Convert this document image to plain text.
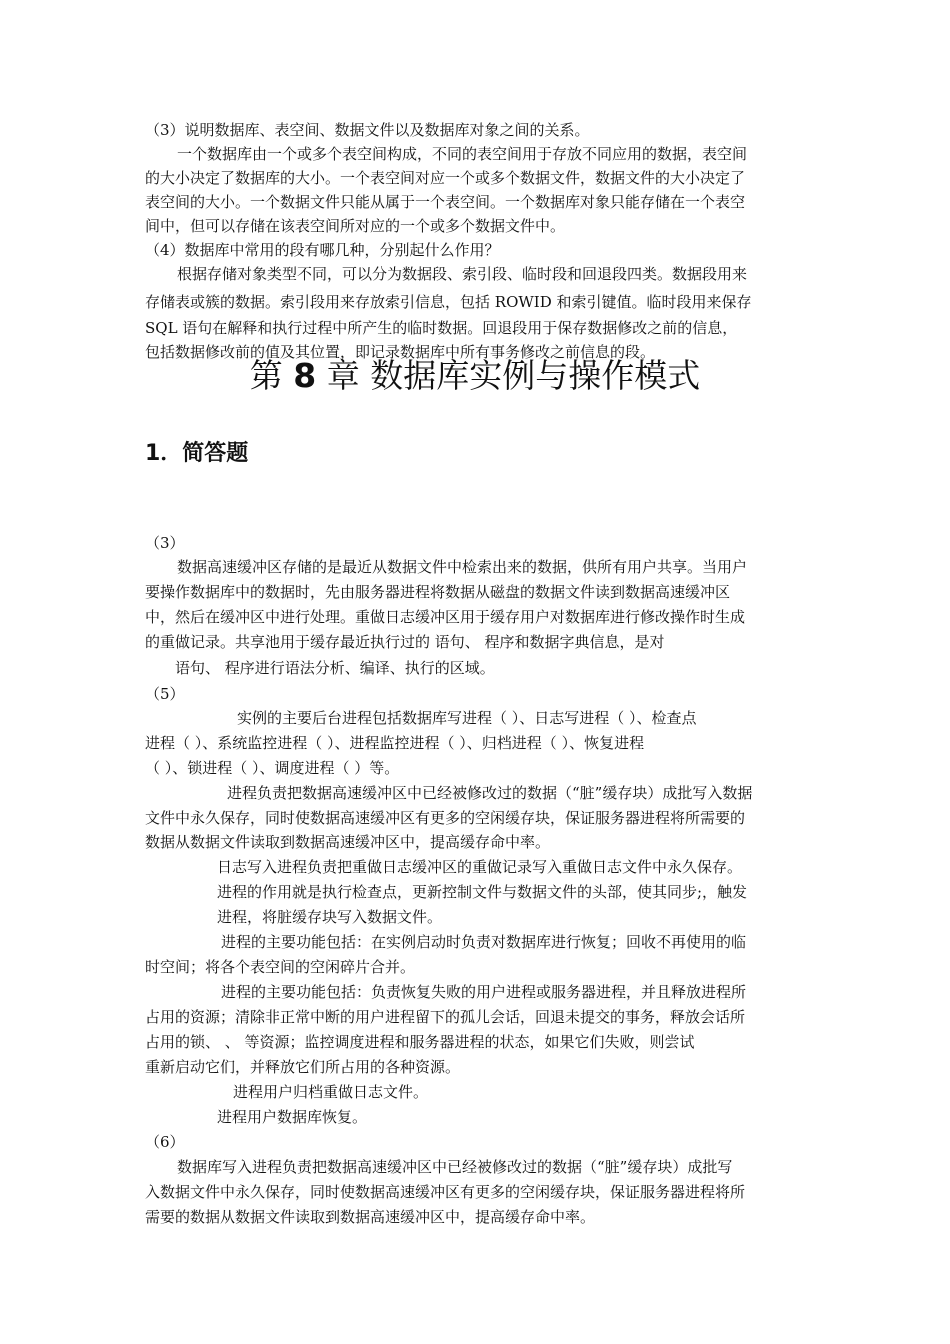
（3）说明数据库、表空间、数据文件以及数据库对象之间的关系。
一个数据库由一个或多个表空间构成，不同的表空间用于存放不同应用的数据，表空间
的大小决定了数据库的大小。一个表空间对应一个或多个数据文件，数据文件的大小决定了
表空间的大小。一个数据文件只能从属于一个表空间。一个数据库对象只能存储在一个表空
间中，但可以存储在该表空间所对应的一个或多个数据文件中。
（4）数据库中常用的段有哪几种，分别起什么作用？
根据存储对象类型不同，可以分为数据段、索引段、临时段和回退段四类。数据段用来
存储表或簇的数据。索引段用来存放索引信息，包括 ROWID 和索引键值。临时段用来保存
SQL 语句在解释和执行过程中所产生的临时数据。回退段用于保存数据修改之前的信息，
包括数据修改前的值及其位置，即记录数据库中所有事务修改之前信息的段。
第 8 章 数据库实例与操作模式
1．简答题
（3）
数据高速缓冲区存储的是最近从数据文件中检索出来的数据，供所有用户共享。当用户
要操作数据库中的数据时，先由服务器进程将数据从磁盘的数据文件读到数据高速缓冲区
中，然后在缓冲区中进行处理。重做日志缓冲区用于缓存用户对数据库进行修改操作时生成
的重做记录。共享池用于缓存最近执行过的 语句、 程序和数据字典信息，是对
语句、 程序进行语法分析、编译、执行的区域。
（5）
实例的主要后台进程包括数据库写进程（ ）、日志写进程（ ）、检查点
进程（ ）、系统监控进程（ ）、进程监控进程（ ）、归档进程（ ）、恢复进程
（ ）、锁进程（ ）、调度进程（ ）等。
进程负责把数据高速缓冲区中已经被修改过的数据（“脏”缓存块）成批写入数据
文件中永久保存，同时使数据高速缓冲区有更多的空闲缓存块，保证服务器进程将所需要的
数据从数据文件读取到数据高速缓冲区中，提高缓存命中率。
日志写入进程负责把重做日志缓冲区的重做记录写入重做日志文件中永久保存。
进程的作用就是执行检查点，更新控制文件与数据文件的头部，使其同步;，触发
进程，将脏缓存块写入数据文件。
进程的主要功能包括：在实例启动时负责对数据库进行恢复；回收不再使用的临
时空间；将各个表空间的空闲碎片合并。
进程的主要功能包括：负责恢复失败的用户进程或服务器进程，并且释放进程所
占用的资源；清除非正常中断的用户进程留下的孤儿会话，回退未提交的事务，释放会话所
占用的锁、 、 等资源；监控调度进程和服务器进程的状态，如果它们失败，则尝试
重新启动它们，并释放它们所占用的各种资源。
进程用户归档重做日志文件。
进程用户数据库恢复。
（6）
数据库写入进程负责把数据高速缓冲区中已经被修改过的数据（“脏”缓存块）成批写
入数据文件中永久保存，同时使数据高速缓冲区有更多的空闲缓存块，保证服务器进程将所
需要的数据从数据文件读取到数据高速缓冲区中，提高缓存命中率。
